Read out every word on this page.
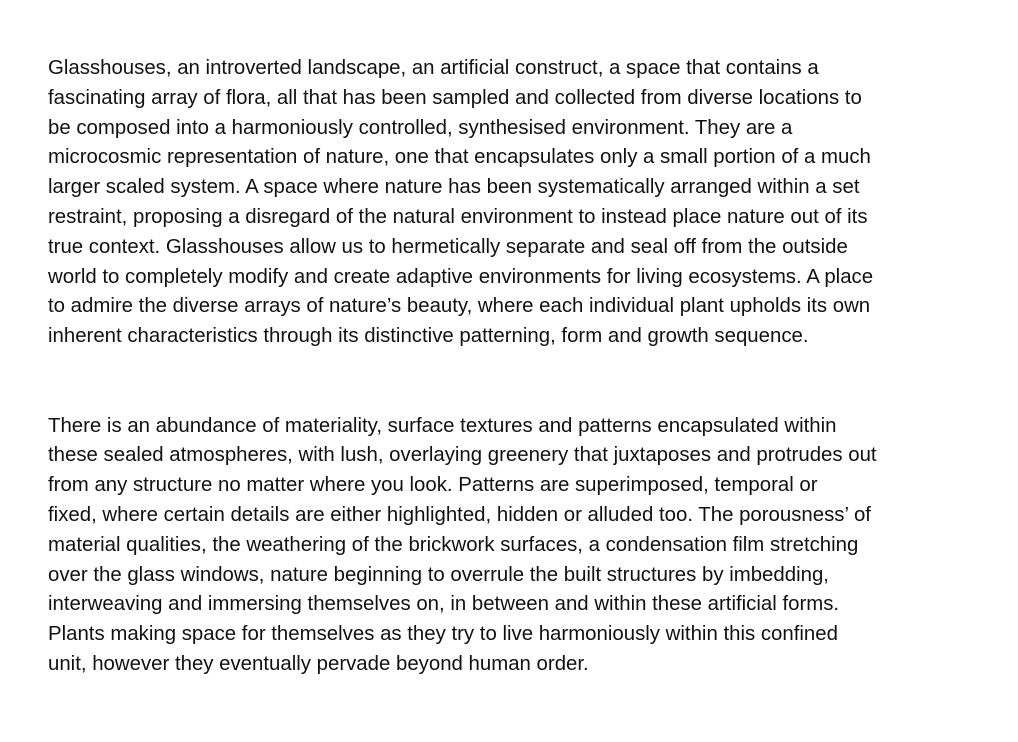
Glasshouses, an introverted landscape, an artificial construct, a space that contains a
fascinating array of flora, all that has been sampled and collected from diverse locations to
be composed into a harmoniously controlled, synthesised environment. They are a
microcosmic representation of nature, one that encapsulates only a small portion of a much
larger scaled system. A space where nature has been systematically arranged within a set
restraint, proposing a disregard of the natural environment to instead place nature out of its
true context. Glasshouses allow us to hermetically separate and seal off from the outside
world to completely modify and create adaptive environments for living ecosystems. A place
to admire the diverse arrays of nature’s beauty, where each individual plant upholds its own
inherent characteristics through its distinctive patterning, form and growth sequence.

There is an abundance of materiality, surface textures and patterns encapsulated within
these sealed atmospheres, with lush, overlaying greenery that juxtaposes and protrudes out
from any structure no matter where you look. Patterns are superimposed, temporal or
fixed, where certain details are either highlighted, hidden or alluded too. The porousness’ of
material qualities, the weathering of the brickwork surfaces, a condensation film stretching
over the glass windows, nature beginning to overrule the built structures by imbedding,
interweaving and immersing themselves on, in between and within these artificial forms.
Plants making space for themselves as they try to live harmoniously within this confined
unit, however they eventually pervade beyond human order.
